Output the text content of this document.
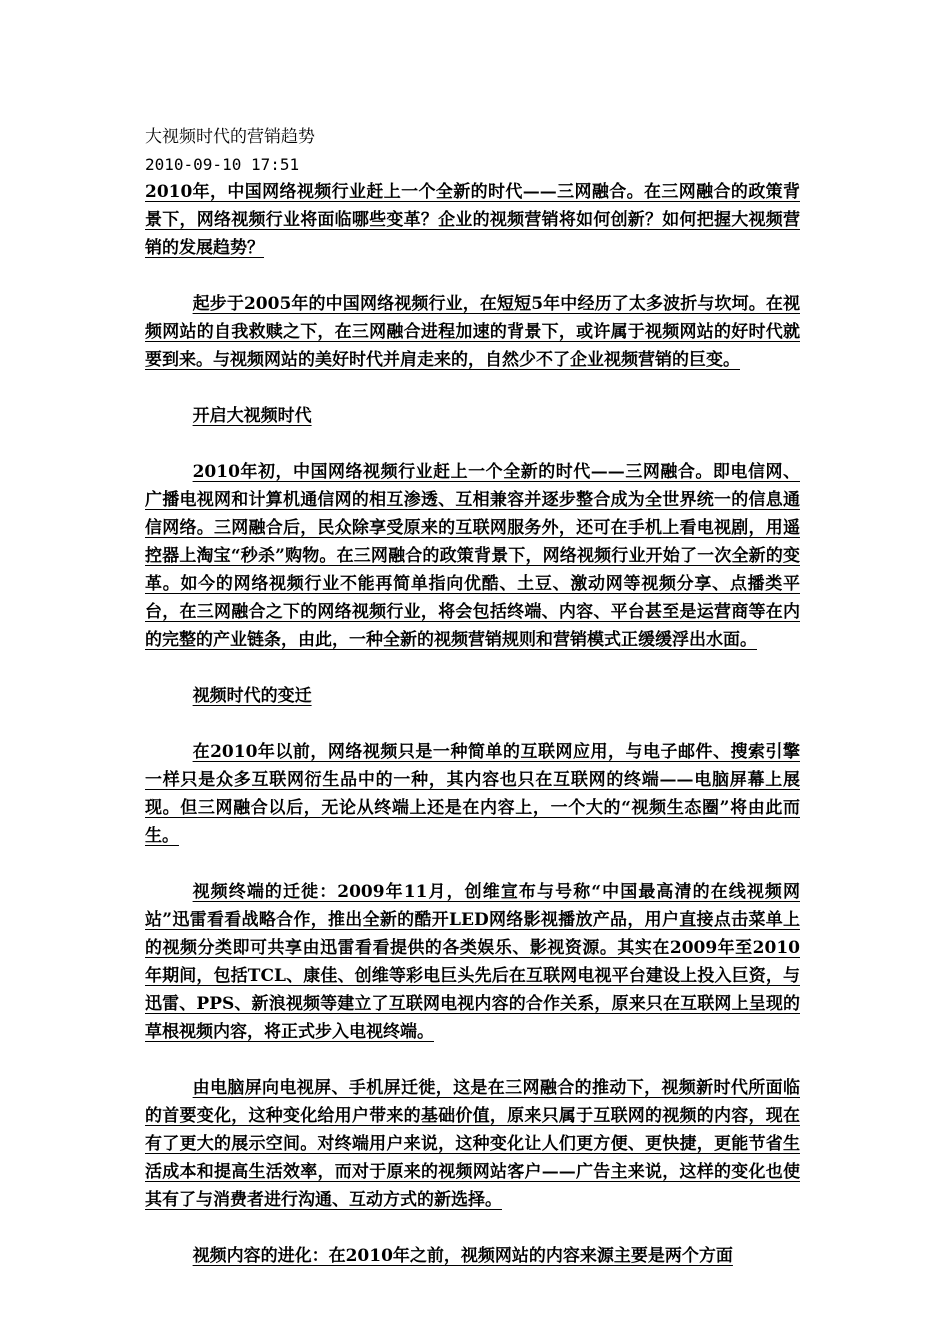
大视频时代的营销趋势
2010-09-10 17:51

2010年，中国网络视频行业赶上一个全新的时代——三网融合。在三网融合的政策背景下，网络视频行业将面临哪些变革？企业的视频营销将如何创新？如何把握大视频营销的发展趋势？

起步于2005年的中国网络视频行业，在短短5年中经历了太多波折与坎坷。在视频网站的自我救赎之下，在三网融合进程加速的背景下，或许属于视频网站的好时代就要到来。与视频网站的美好时代并肩走来的，自然少不了企业视频营销的巨变。

开启大视频时代

2010年初，中国网络视频行业赶上一个全新的时代——三网融合。即电信网、广播电视网和计算机通信网的相互渗透、互相兼容并逐步整合成为全世界统一的信息通信网络。三网融合后，民众除享受原来的互联网服务外，还可在手机上看电视剧，用遥控器上淘宝“秒杀”购物。在三网融合的政策背景下，网络视频行业开始了一次全新的变革。如今的网络视频行业不能再简单指向优酷、土豆、激动网等视频分享、点播类平台，在三网融合之下的网络视频行业，将会包括终端、内容、平台甚至是运营商等在内的完整的产业链条，由此，一种全新的视频营销规则和营销模式正缓缓浮出水面。

视频时代的变迁

在2010年以前，网络视频只是一种简单的互联网应用，与电子邮件、搜索引擎一样只是众多互联网衍生品中的一种，其内容也只在互联网的终端——电脑屏幕上展现。但三网融合以后，无论从终端上还是在内容上，一个大的“视频生态圈”将由此而生。

视频终端的迁徙：2009年11月，创维宣布与号称“中国最高清的在线视频网站”迅雷看看战略合作，推出全新的酷开LED网络影视播放产品，用户直接点击菜单上的视频分类即可共享由迅雷看看提供的各类娱乐、影视资源。其实在2009年至2010年期间，包括TCL、康佳、创维等彩电巨头先后在互联网电视平台建设上投入巨资，与迅雷、PPS、新浪视频等建立了互联网电视内容的合作关系，原来只在互联网上呈现的草根视频内容，将正式步入电视终端。

由电脑屏向电视屏、手机屏迁徙，这是在三网融合的推动下，视频新时代所面临的首要变化，这种变化给用户带来的基础价值，原来只属于互联网的视频的内容，现在有了更大的展示空间。对终端用户来说，这种变化让人们更方便、更快捷，更能节省生活成本和提高生活效率，而对于原来的视频网站客户——广告主来说，这样的变化也使其有了与消费者进行沟通、互动方式的新选择。

视频内容的进化：在2010年之前，视频网站的内容来源主要是两个方面
